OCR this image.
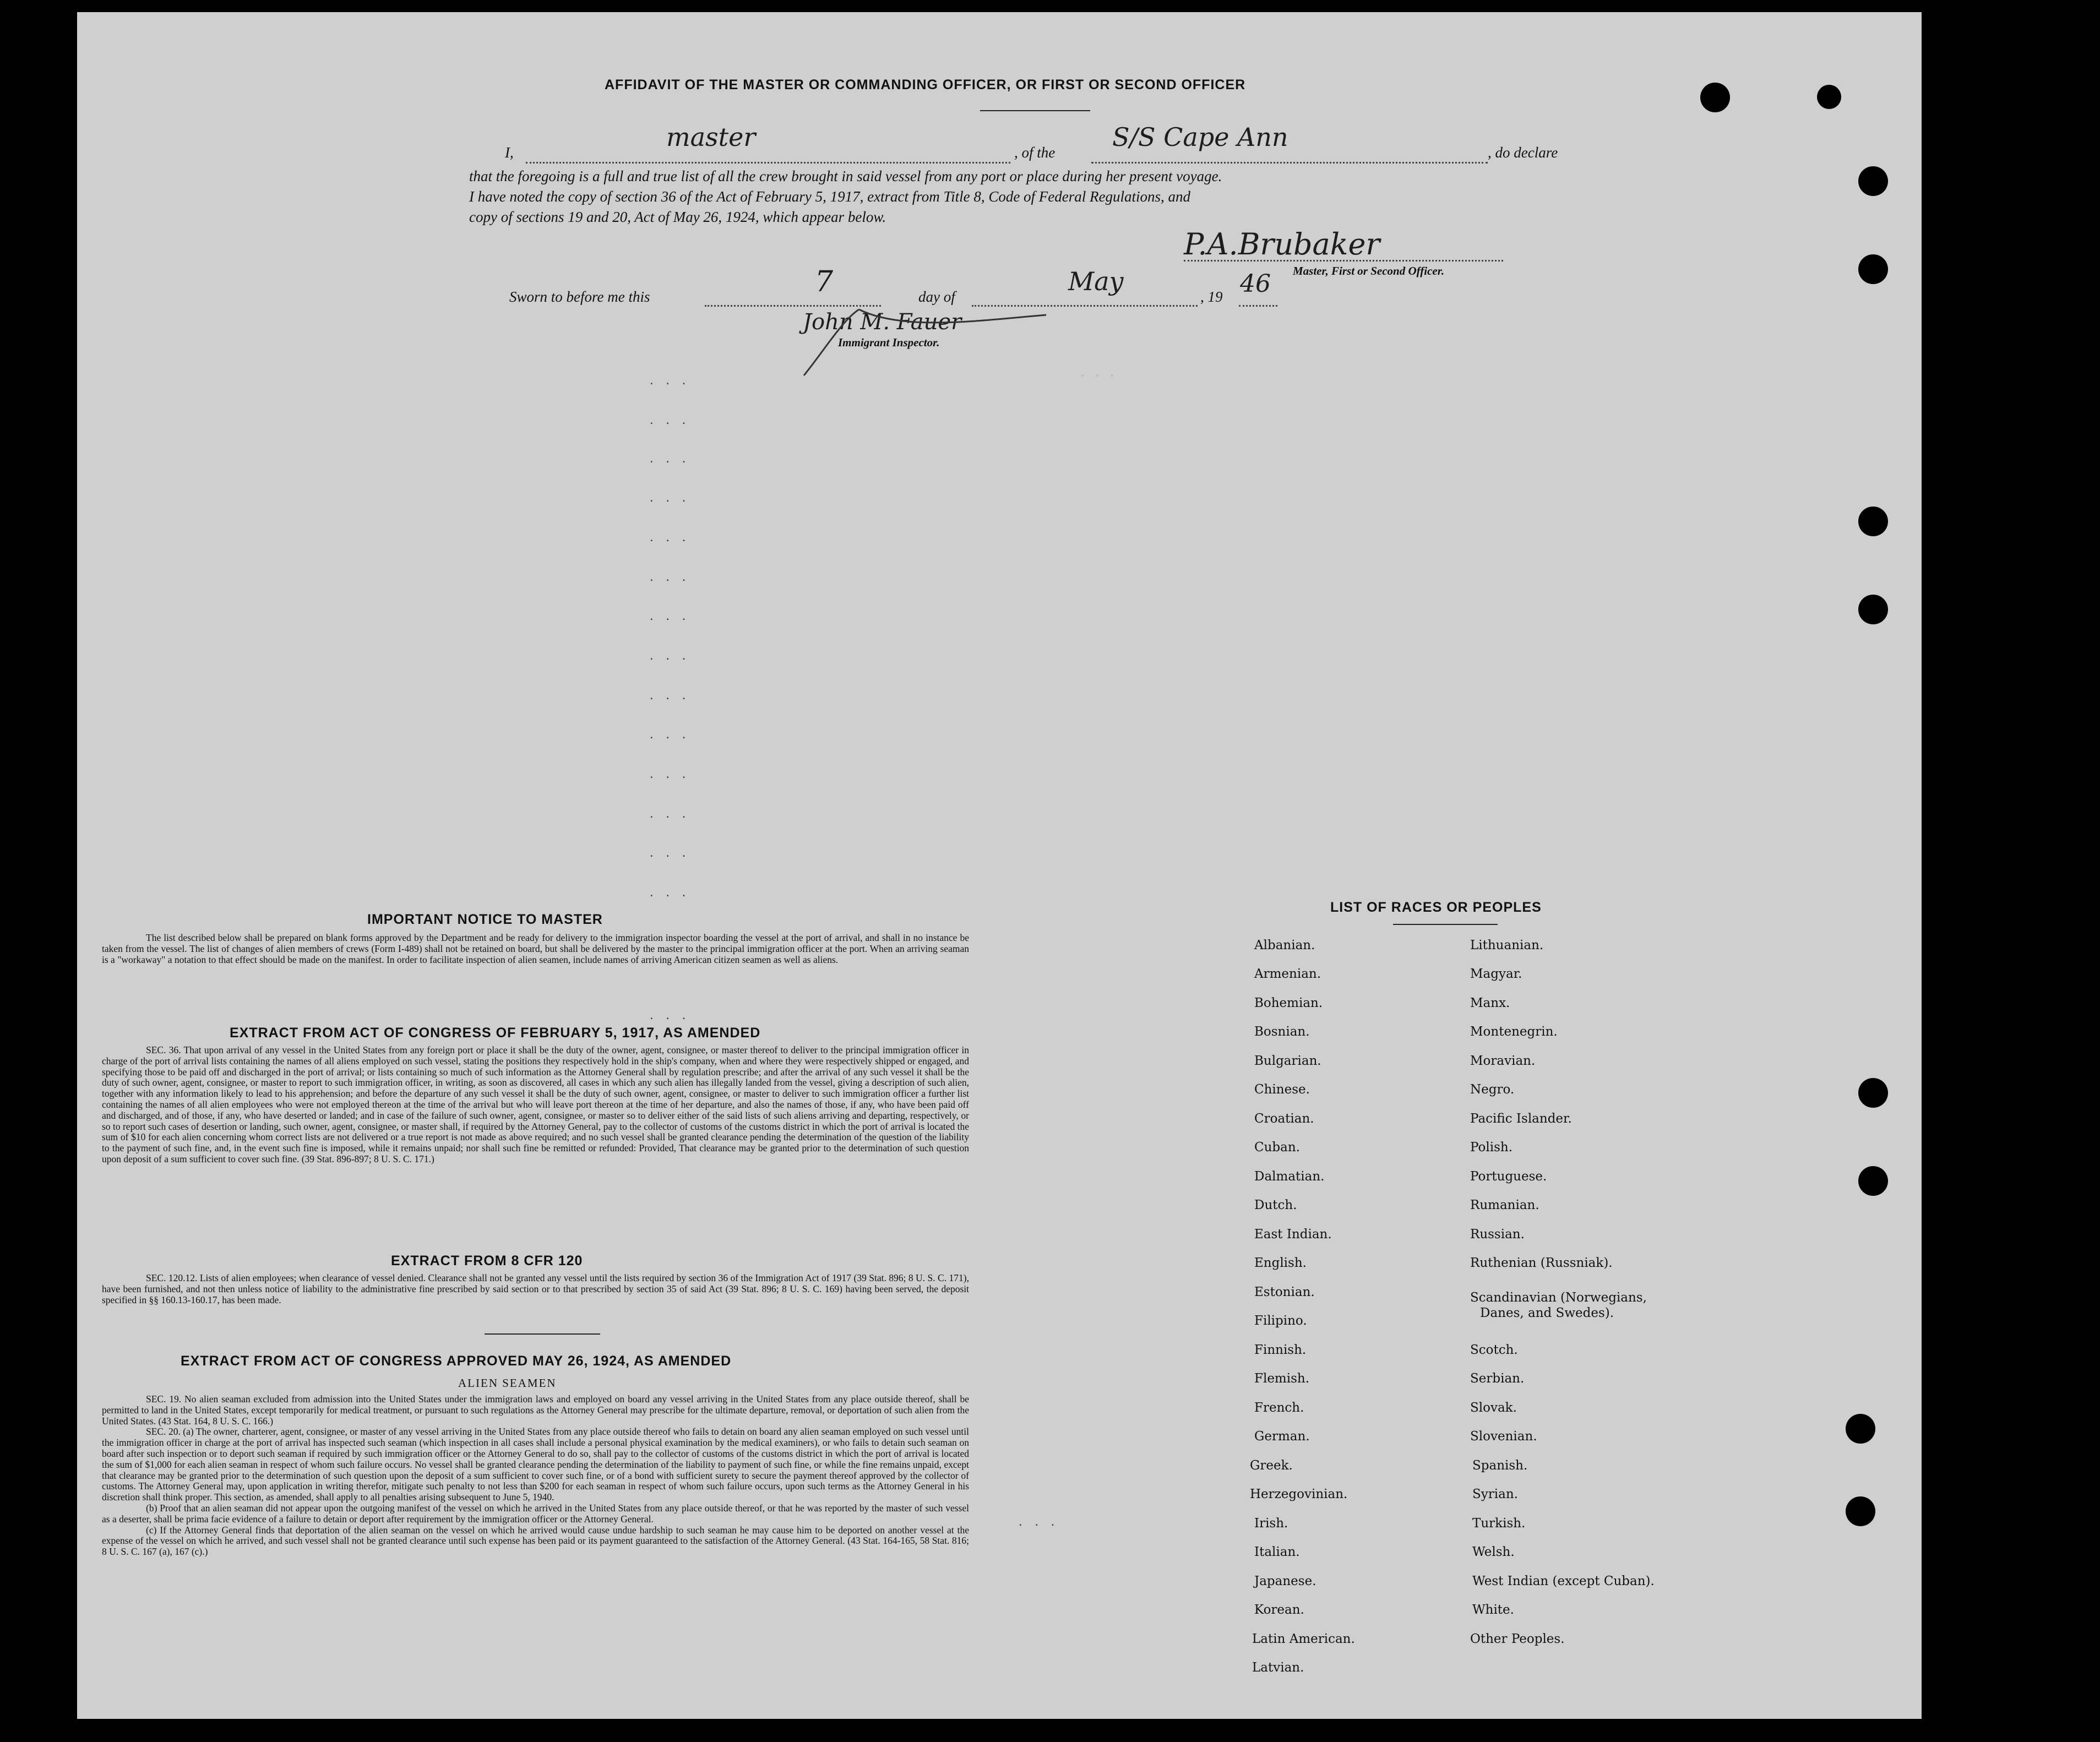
· · ·
AFFIDAVIT OF THE MASTER OR COMMANDING OFFICER, OR FIRST OR SECOND OFFICER
I,
master
, of the
S/S Cape Ann
, do declare
that the foregoing is a full and true list of all the crew brought in said vessel from any port or place during her present voyage.
I have noted the copy of section 36 of the Act of February 5, 1917, extract from Title 8, Code of Federal Regulations, and
copy of sections 19 and 20, Act of May 26, 1924, which appear below.
P.A.Brubaker
Master, First or Second Officer.
Sworn to before me this	7	day of
May
, 19 46
John M. Fauer
Immigrant Inspector.
. . .
. . .
. . .
. . .
. . .
. . .
. . .
. . .
. . .
. . .
. . .
. . .
. . .
. . .
. . .
. . .
IMPORTANT NOTICE TO MASTER

The list described below shall be prepared on blank forms approved by the Department and be ready for delivery to the immigration inspector boarding the vessel at the port of arrival, and shall in no instance be taken from the vessel. The list of changes of alien members of crews (Form I-489) shall not be retained on board, but shall be delivered by the master to the principal immigration officer at the port. When an arriving seaman is a "workaway" a notation to that effect should be made on the manifest. In order to facilitate inspection of alien seamen, include names of arriving American citizen seamen as well as aliens.

EXTRACT FROM ACT OF CONGRESS OF FEBRUARY 5, 1917, AS AMENDED

SEC. 36. That upon arrival of any vessel in the United States from any foreign port or place it shall be the duty of the owner, agent, consignee, or master thereof to deliver to the principal immigration officer in charge of the port of arrival lists containing the names of all aliens employed on such vessel, stating the positions they respectively hold in the ship's company, when and where they were respectively shipped or engaged, and specifying those to be paid off and discharged in the port of arrival; or lists containing so much of such information as the Attorney General shall by regulation prescribe; and after the arrival of any such vessel it shall be the duty of such owner, agent, consignee, or master to report to such immigration officer, in writing, as soon as discovered, all cases in which any such alien has illegally landed from the vessel, giving a description of such alien, together with any information likely to lead to his apprehension; and before the departure of any such vessel it shall be the duty of such owner, agent, consignee, or master to deliver to such immigration officer a further list containing the names of all alien employees who were not employed thereon at the time of the arrival but who will leave port thereon at the time of her departure, and also the names of those, if any, who have been paid off and discharged, and of those, if any, who have deserted or landed; and in case of the failure of such owner, agent, consignee, or master so to deliver either of the said lists of such aliens arriving and departing, respectively, or so to report such cases of desertion or landing, such owner, agent, consignee, or master shall, if required by the Attorney General, pay to the collector of customs of the customs district in which the port of arrival is located the sum of $10 for each alien concerning whom correct lists are not delivered or a true report is not made as above required; and no such vessel shall be granted clearance pending the determination of the question of the liability to the payment of such fine, and, in the event such fine is imposed, while it remains unpaid; nor shall such fine be remitted or refunded: Provided, That clearance may be granted prior to the determination of such question upon deposit of a sum sufficient to cover such fine. (39 Stat. 896-897; 8 U. S. C. 171.)

EXTRACT FROM 8 CFR 120

SEC. 120.12. Lists of alien employees; when clearance of vessel denied. Clearance shall not be granted any vessel until the lists required by section 36 of the Immigration Act of 1917 (39 Stat. 896; 8 U. S. C. 171), have been furnished, and not then unless notice of liability to the administrative fine prescribed by said section or to that prescribed by section 35 of said Act (39 Stat. 896; 8 U. S. C. 169) having been served, the deposit specified in §§ 160.13-160.17, has been made.

EXTRACT FROM ACT OF CONGRESS APPROVED MAY 26, 1924, AS AMENDED
ALIEN SEAMEN

SEC. 19. No alien seaman excluded from admission into the United States under the immigration laws and employed on board any vessel arriving in the United States from any place outside thereof, shall be permitted to land in the United States, except temporarily for medical treatment, or pursuant to such regulations as the Attorney General may prescribe for the ultimate departure, removal, or deportation of such alien from the United States. (43 Stat. 164, 8 U. S. C. 166.)

SEC. 20. (a) The owner, charterer, agent, consignee, or master of any vessel arriving in the United States from any place outside thereof who fails to detain on board any alien seaman employed on such vessel until the immigration officer in charge at the port of arrival has inspected such seaman (which inspection in all cases shall include a personal physical examination by the medical examiners), or who fails to detain such seaman on board after such inspection or to deport such seaman if required by such immigration officer or the Attorney General to do so, shall pay to the collector of customs of the customs district in which the port of arrival is located the sum of $1,000 for each alien seaman in respect of whom such failure occurs. No vessel shall be granted clearance pending the determination of the liability to payment of such fine, or while the fine remains unpaid, except that clearance may be granted prior to the determination of such question upon the deposit of a sum sufficient to cover such fine, or of a bond with sufficient surety to secure the payment thereof approved by the collector of customs. The Attorney General may, upon application in writing therefor, mitigate such penalty to not less than $200 for each seaman in respect of whom such failure occurs, upon such terms as the Attorney General in his discretion shall think proper. This section, as amended, shall apply to all penalties arising subsequent to June 5, 1940.

(b) Proof that an alien seaman did not appear upon the outgoing manifest of the vessel on which he arrived in the United States from any place outside thereof, or that he was reported by the master of such vessel as a deserter, shall be prima facie evidence of a failure to detain or deport after requirement by the immigration officer or the Attorney General.

(c) If the Attorney General finds that deportation of the alien seaman on the vessel on which he arrived would cause undue hardship to such seaman he may cause him to be deported on another vessel at the expense of the vessel on which he arrived, and such vessel shall not be granted clearance until such expense has been paid or its payment guaranteed to the satisfaction of the Attorney General. (43 Stat. 164-165, 58 Stat. 816; 8 U. S. C. 167 (a), 167 (c).)

LIST OF RACES OR PEOPLES
Albanian.
Armenian.
Bohemian.
Bosnian.
Bulgarian.
Chinese.
Croatian.
Cuban.
Dalmatian.
Dutch.
East Indian.
English.
Estonian.
Filipino.
Finnish.
Flemish.
French.
German.
Greek.
Herzegovinian.
Irish.
Italian.
Japanese.
Korean.
Latin American.
Latvian.
Lithuanian.
Magyar.
Manx.
Montenegrin.
Moravian.
Negro.
Pacific Islander.
Polish.
Portuguese.
Rumanian.
Russian.
Ruthenian (Russniak).
Scandinavian (Norwegians,
Danes, and Swedes).
Scotch.
Serbian.
Slovak.
Slovenian.
Spanish.
Syrian.
Turkish.
Welsh.
West Indian (except Cuban).
White.
Other Peoples.
